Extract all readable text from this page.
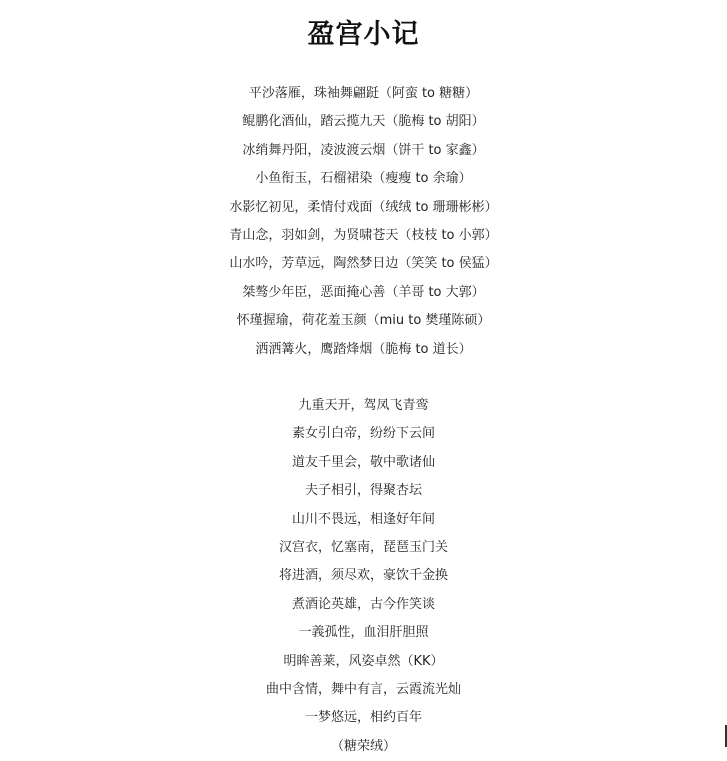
盈宫小记
平沙落雁，珠袖舞翩跹（阿蛮 to 糖糖）
鲲鹏化酒仙，踏云揽九天（脆梅 to 胡阳）
冰绡舞丹阳，凌波渡云烟（饼干 to 家鑫）
小鱼衔玉，石榴裙染（瘦瘦 to 余瑜）
水影忆初见，柔情付戏面（绒绒 to 珊珊彬彬）
青山念，羽如剑，为贤啸苍天（枝枝 to 小郭）
山水吟，芳草远，陶然梦日边（笑笑 to 侯猛）
桀骜少年臣，恶面掩心善（羊哥 to 大郭）
怀瑾握瑜，荷花羞玉颜（miu to 樊瑾陈硕）
洒洒篝火，鹰踏烽烟（脆梅 to 道长）
九重天开，驾凤飞青鸾
素女引白帝，纷纷下云间
道友千里会，敬中歌诸仙
夫子相引，得聚杏坛
山川不畏远，相逢好年间
汉宫衣，忆塞南，琵琶玉门关
将进酒，须尽欢，豪饮千金换
煮酒论英雄，古今作笑谈
一義孤性，血泪肝胆照
明眸善莱，风姿卓然（KK）
曲中含情，舞中有言，云霞流光灿
一梦悠远，相约百年
（糖荣绒）
